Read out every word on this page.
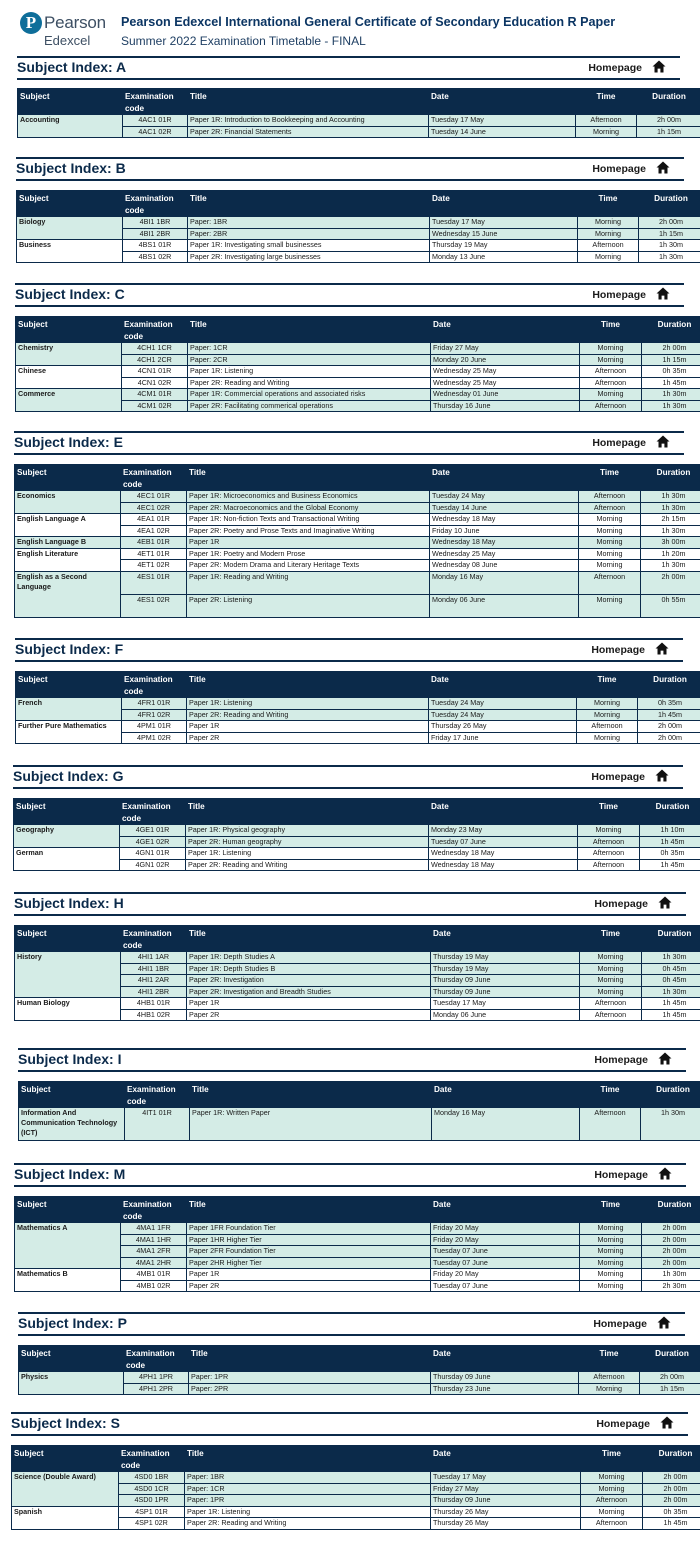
P Pearson
Edexcel
Pearson Edexcel International General Certificate of Secondary Education R Paper
Summer 2022 Examination Timetable - FINAL
Subject Index: A	Homepage
Subject	Examination code	Title	Date	Time	Duration
Accounting	4AC1 01R	Paper 1R: Introduction to Bookkeeping and Accounting	Tuesday 17 May	Afternoon	2h 00m
	4AC1 02R	Paper 2R: Financial Statements	Tuesday 14 June	Morning	1h 15m
Subject Index: B	Homepage
Subject	Examination code	Title	Date	Time	Duration
Biology	4BI1 1BR	Paper: 1BR	Tuesday 17 May	Morning	2h 00m
	4BI1 2BR	Paper: 2BR	Wednesday 15 June	Morning	1h 15m
Business	4BS1 01R	Paper 1R: Investigating small businesses	Thursday 19 May	Afternoon	1h 30m
	4BS1 02R	Paper 2R: Investigating large businesses	Monday 13 June	Morning	1h 30m
Subject Index: C	Homepage
Subject	Examination code	Title	Date	Time	Duration
Chemistry	4CH1 1CR	Paper: 1CR	Friday 27 May	Morning	2h 00m
	4CH1 2CR	Paper: 2CR	Monday 20 June	Morning	1h 15m
Chinese	4CN1 01R	Paper 1R: Listening	Wednesday 25 May	Afternoon	0h 35m
	4CN1 02R	Paper 2R: Reading and Writing	Wednesday 25 May	Afternoon	1h 45m
Commerce	4CM1 01R	Paper 1R: Commercial operations and associated risks	Wednesday 01 June	Morning	1h 30m
	4CM1 02R	Paper 2R: Facilitating commerical operations	Thursday 16 June	Afternoon	1h 30m
Subject Index: E	Homepage
Subject	Examination code	Title	Date	Time	Duration
Economics	4EC1 01R	Paper 1R: Microeconomics and Business Economics	Tuesday 24 May	Afternoon	1h 30m
	4EC1 02R	Paper 2R: Macroeconomics and the Global Economy	Tuesday 14 June	Afternoon	1h 30m
English Language A	4EA1 01R	Paper 1R: Non-fiction Texts and Transactional Writing	Wednesday 18 May	Morning	2h 15m
	4EA1 02R	Paper 2R: Poetry and Prose Texts and Imaginative Writing	Friday 10 June	Morning	1h 30m
English Language B	4EB1 01R	Paper 1R	Wednesday 18 May	Morning	3h 00m
English Literature	4ET1 01R	Paper 1R: Poetry and Modern Prose	Wednesday 25 May	Morning	1h 20m
	4ET1 02R	Paper 2R: Modern Drama and Literary Heritage Texts	Wednesday 08 June	Morning	1h 30m
English as a Second Language	4ES1 01R	Paper 1R: Reading and Writing	Monday 16 May	Afternoon	2h 00m
	4ES1 02R	Paper 2R: Listening	Monday 06 June	Morning	0h 55m
Subject Index: F	Homepage
Subject	Examination code	Title	Date	Time	Duration
French	4FR1 01R	Paper 1R: Listening	Tuesday 24 May	Morning	0h 35m
	4FR1 02R	Paper 2R: Reading and Writing	Tuesday 24 May	Morning	1h 45m
Further Pure Mathematics	4PM1 01R	Paper 1R	Thursday 26 May	Afternoon	2h 00m
	4PM1 02R	Paper 2R	Friday 17 June	Morning	2h 00m
Subject Index: G	Homepage
Subject	Examination code	Title	Date	Time	Duration
Geography	4GE1 01R	Paper 1R: Physical geography	Monday 23 May	Morning	1h 10m
	4GE1 02R	Paper 2R: Human geography	Tuesday 07 June	Afternoon	1h 45m
German	4GN1 01R	Paper 1R: Listening	Wednesday 18 May	Afternoon	0h 35m
	4GN1 02R	Paper 2R: Reading and Writing	Wednesday 18 May	Afternoon	1h 45m
Subject Index: H	Homepage
Subject	Examination code	Title	Date	Time	Duration
History	4HI1 1AR	Paper 1R: Depth Studies A	Thursday 19 May	Morning	1h 30m
	4HI1 1BR	Paper 1R: Depth Studies B	Thursday 19 May	Morning	0h 45m
	4HI1 2AR	Paper 2R: Investigation	Thursday 09 June	Morning	0h 45m
	4HI1 2BR	Paper 2R: Investigation and Breadth Studies	Thursday 09 June	Morning	1h 30m
Human Biology	4HB1 01R	Paper 1R	Tuesday 17 May	Afternoon	1h 45m
	4HB1 02R	Paper 2R	Monday 06 June	Afternoon	1h 45m
Subject Index: I	Homepage
Subject	Examination code	Title	Date	Time	Duration
Information And Communication Technology (ICT)	4IT1 01R	Paper 1R: Written Paper	Monday 16 May	Afternoon	1h 30m
Subject Index: M	Homepage
Subject	Examination code	Title	Date	Time	Duration
Mathematics A	4MA1 1FR	Paper 1FR Foundation Tier	Friday 20 May	Morning	2h 00m
	4MA1 1HR	Paper 1HR Higher Tier	Friday 20 May	Morning	2h 00m
	4MA1 2FR	Paper 2FR Foundation Tier	Tuesday 07 June	Morning	2h 00m
	4MA1 2HR	Paper 2HR Higher Tier	Tuesday 07 June	Morning	2h 00m
Mathematics B	4MB1 01R	Paper 1R	Friday 20 May	Morning	1h 30m
	4MB1 02R	Paper 2R	Tuesday 07 June	Morning	2h 30m
Subject Index: P	Homepage
Subject	Examination code	Title	Date	Time	Duration
Physics	4PH1 1PR	Paper: 1PR	Thursday 09 June	Afternoon	2h 00m
	4PH1 2PR	Paper: 2PR	Thursday 23 June	Morning	1h 15m
Subject Index: S	Homepage
Subject	Examination code	Title	Date	Time	Duration
Science (Double Award)	4SD0 1BR	Paper: 1BR	Tuesday 17 May	Morning	2h 00m
	4SD0 1CR	Paper: 1CR	Friday 27 May	Morning	2h 00m
	4SD0 1PR	Paper: 1PR	Thursday 09 June	Afternoon	2h 00m
Spanish	4SP1 01R	Paper 1R: Listening	Thursday 26 May	Morning	0h 35m
	4SP1 02R	Paper 2R: Reading and Writing	Thursday 26 May	Afternoon	1h 45m
